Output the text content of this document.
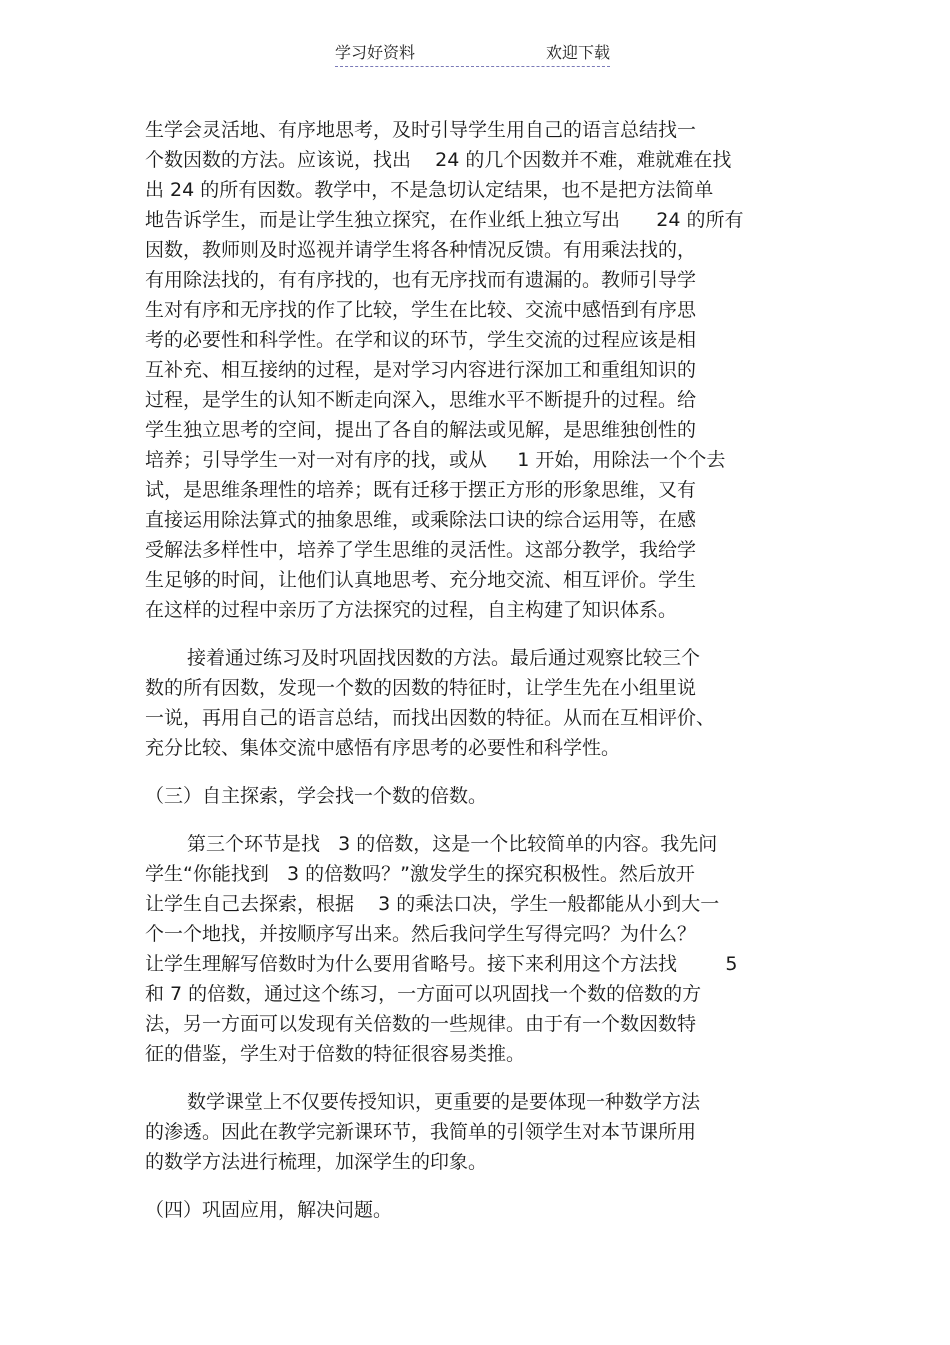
学习好资料	欢迎下载
生学会灵活地、有序地思考，及时引导学生用自己的语言总结找一
个数因数的方法。应该说，找出    24 的几个因数并不难，难就难在找
出 24 的所有因数。教学中，不是急切认定结果，也不是把方法简单
地告诉学生，而是让学生独立探究，在作业纸上独立写出      24 的所有
因数，教师则及时巡视并请学生将各种情况反馈。有用乘法找的，
有用除法找的，有有序找的，也有无序找而有遗漏的。教师引导学
生对有序和无序找的作了比较，学生在比较、交流中感悟到有序思
考的必要性和科学性。在学和议的环节，学生交流的过程应该是相
互补充、相互接纳的过程，是对学习内容进行深加工和重组知识的
过程，是学生的认知不断走向深入，思维水平不断提升的过程。给
学生独立思考的空间，提出了各自的解法或见解，是思维独创性的
培养；引导学生一对一对有序的找，或从     1 开始，用除法一个个去
试，是思维条理性的培养；既有迁移于摆正方形的形象思维，又有
直接运用除法算式的抽象思维，或乘除法口诀的综合运用等，在感
受解法多样性中，培养了学生思维的灵活性。这部分教学，我给学
生足够的时间，让他们认真地思考、充分地交流、相互评价。学生
在这样的过程中亲历了方法探究的过程，自主构建了知识体系。
接着通过练习及时巩固找因数的方法。最后通过观察比较三个
数的所有因数，发现一个数的因数的特征时，让学生先在小组里说
一说，再用自己的语言总结，而找出因数的特征。从而在互相评价、
充分比较、集体交流中感悟有序思考的必要性和科学性。
（三）自主探索，学会找一个数的倍数。
第三个环节是找   3 的倍数，这是一个比较简单的内容。我先问
学生“你能找到   3 的倍数吗？”激发学生的探究积极性。然后放开
让学生自己去探索，根据    3 的乘法口决，学生一般都能从小到大一
个一个地找，并按顺序写出来。然后我问学生写得完吗？为什么？
让学生理解写倍数时为什么要用省略号。接下来利用这个方法找        5
和 7 的倍数，通过这个练习，一方面可以巩固找一个数的倍数的方
法，另一方面可以发现有关倍数的一些规律。由于有一个数因数特
征的借鉴，学生对于倍数的特征很容易类推。
数学课堂上不仅要传授知识，更重要的是要体现一种数学方法
的渗透。因此在教学完新课环节，我简单的引领学生对本节课所用
的数学方法进行梳理，加深学生的印象。
（四）巩固应用，解决问题。
